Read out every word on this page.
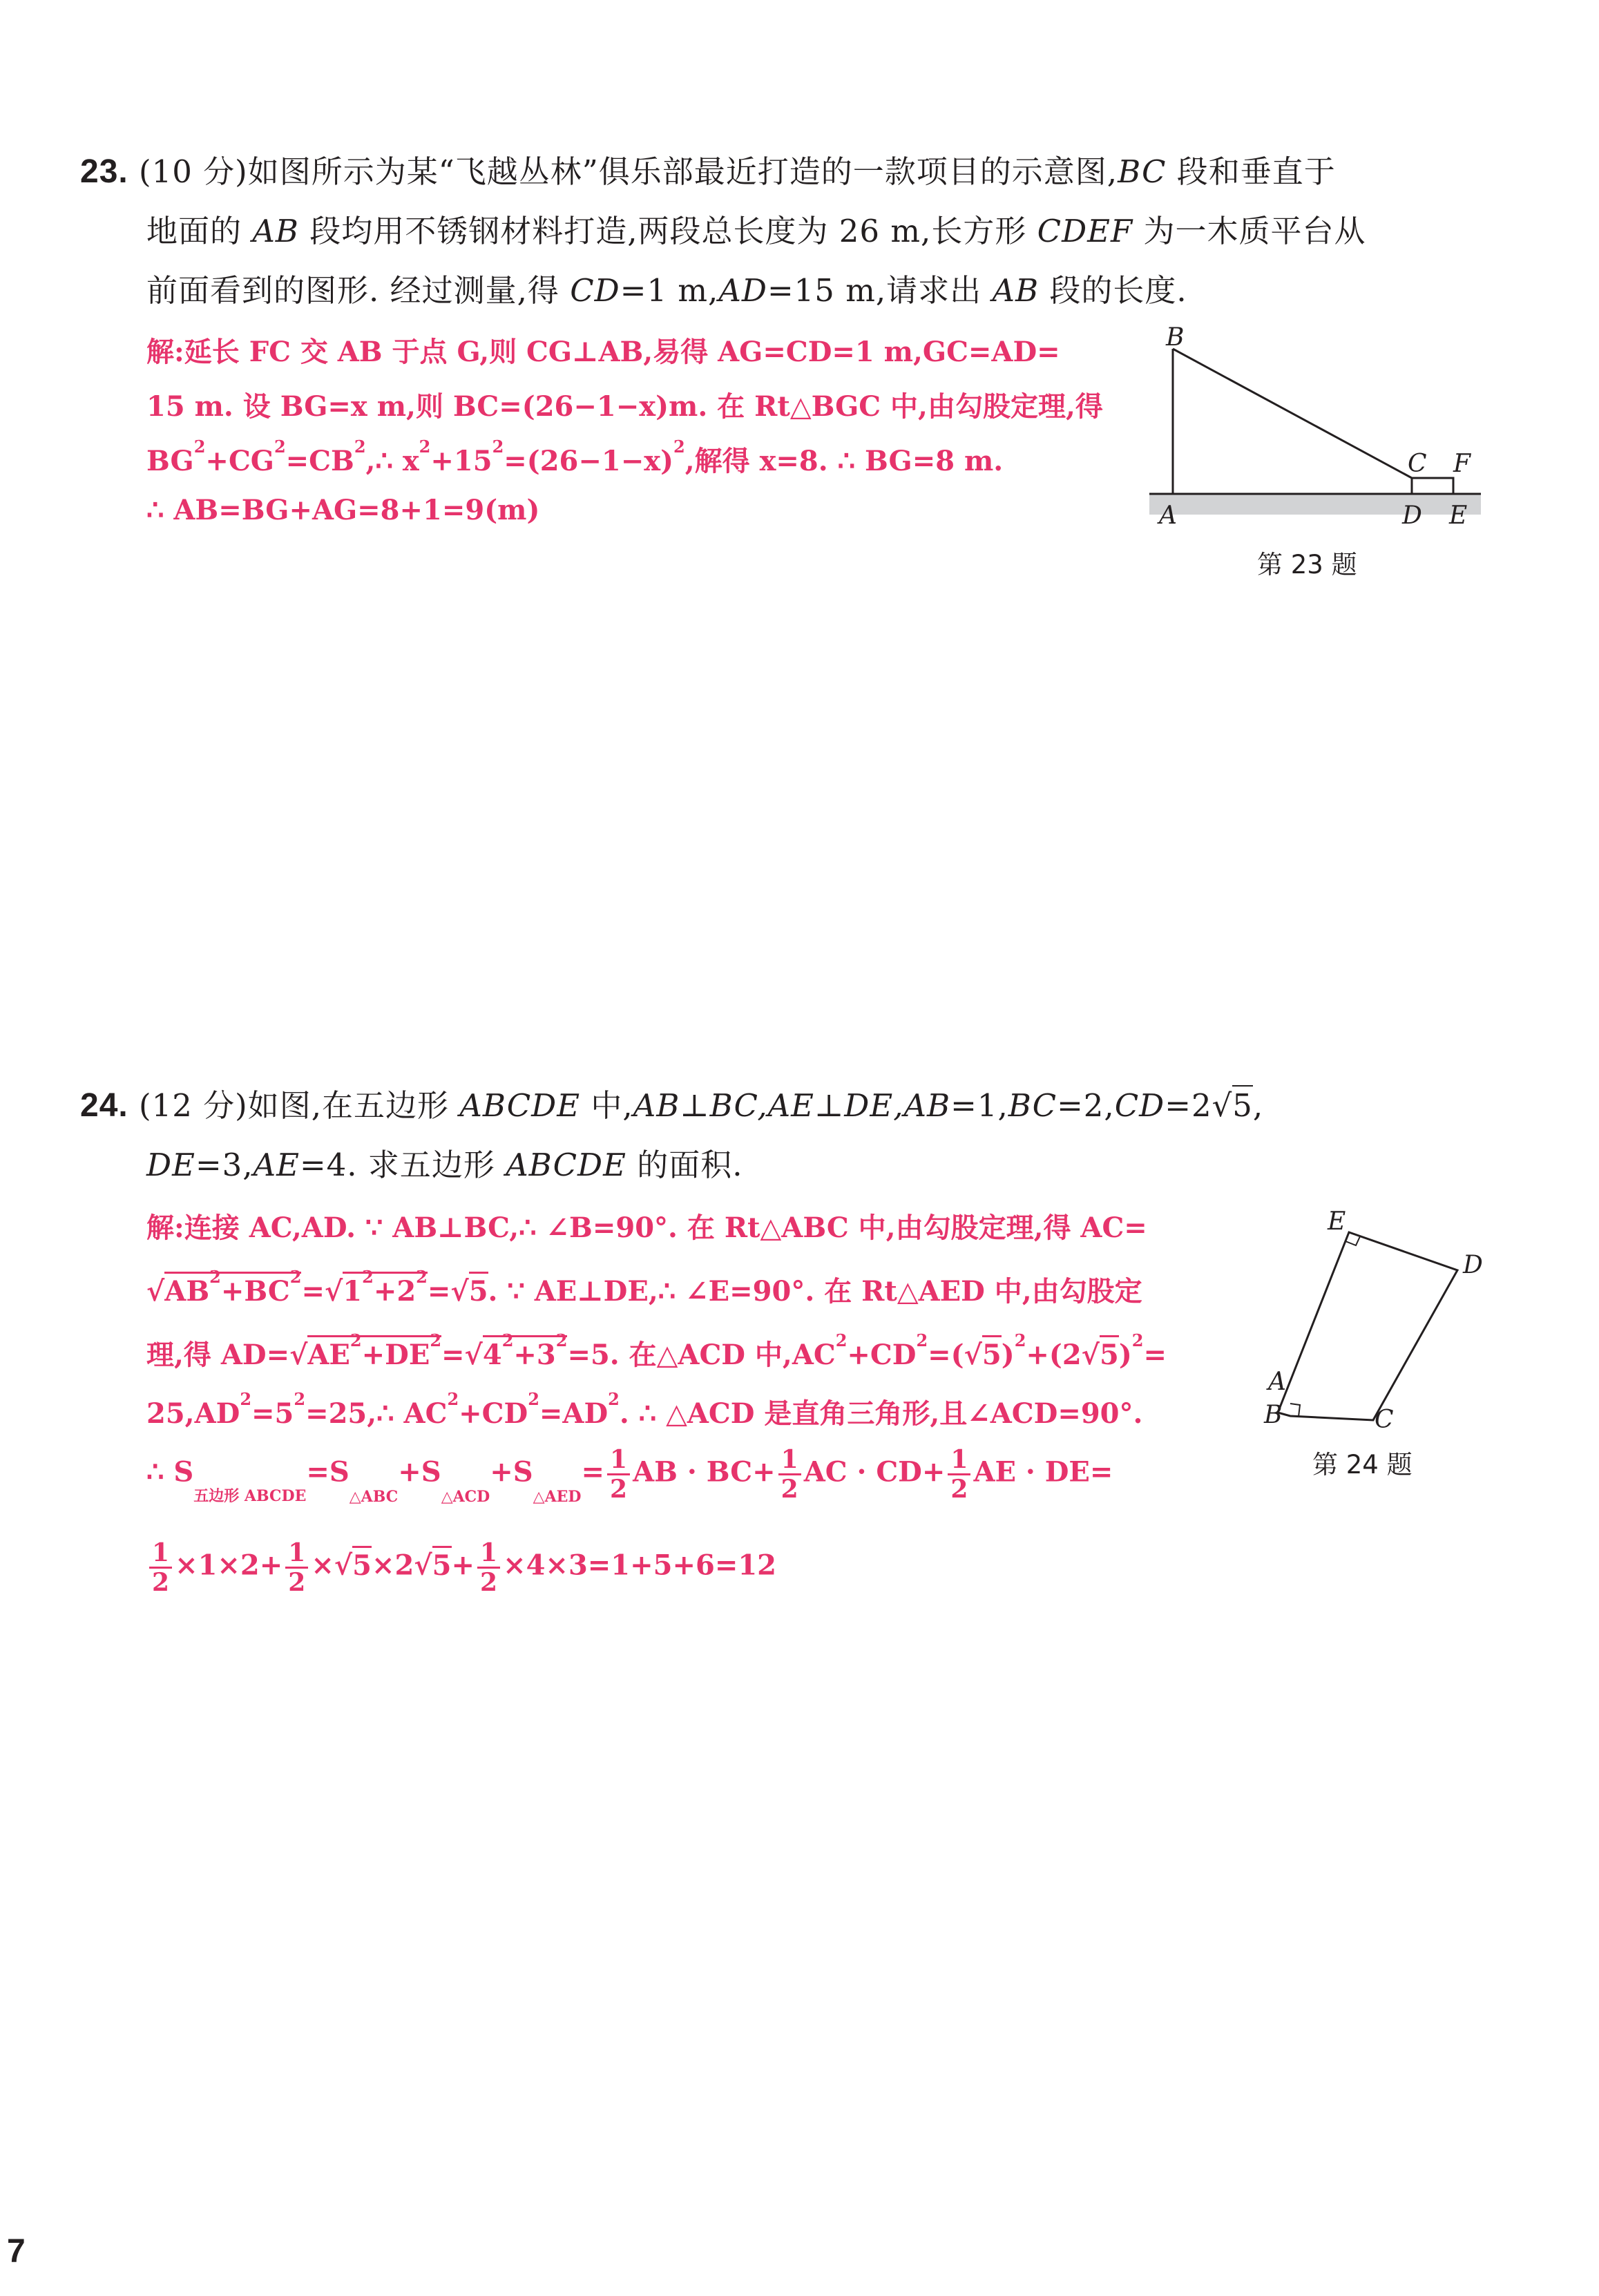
23. (10 分)如图所示为某“飞越丛林”俱乐部最近打造的一款项目的示意图,BC 段和垂直于
地面的 AB 段均用不锈钢材料打造,两段总长度为 26 m,长方形 CDEF 为一木质平台从
前面看到的图形. 经过测量,得 CD=1 m,AD=15 m,请求出 AB 段的长度.
解:延长 FC 交 AB 于点 G,则 CG⊥AB,易得 AG=CD=1 m,GC=AD=
15 m. 设 BG=x m,则 BC=(26−1−x)m. 在 Rt△BGC 中,由勾股定理,得
$BG^2+CG^2=CB^2,\therefore$ $x^2+15^2=(26-1-x)^2$,解得 x=8. ∴ BG=8 m.
∴ AB=BG+AG=8+1=9(m)
B
A
C F
D E
第 23 题
24. (12 分)如图,在五边形 ABCDE 中,AB⊥BC,AE⊥DE,AB=1,BC=2,CD=2√5,
DE=3,AE=4. 求五边形 ABCDE 的面积.
解:连接 AC,AD. ∵ AB⊥BC,∴ ∠B=90°. 在 Rt△ABC 中,由勾股定理,得 AC=
$√AB^2+BC^2=√1^2+2^2=√5$. ∵ AE⊥DE,∴ ∠E=90°. 在 Rt△AED 中,由勾股定
理,得 $AD=√AE^2+DE^2=√4^2+3^2=5$. 在△ACD 中$,AC^2+CD^2=(√5)^2+(2√5)^2=$
$25,AD^2=5^2=25,\therefore$ $AC^2+CD^2=AD^2$. ∴ △ACD 是直角三角形,且∠ACD=90°.
∴ S五边形 ABCDE=S△ABC+S△ACD+S△AED= $\frac{1}{2}$ AB · $BC+ \frac{1}{2}$ AC · $CD+ \frac{1}{2}$ AE · DE=
$\frac{1}{2} \times 1\times 2+ \frac{1}{2} \times√5\times 2√5+ \frac{1}{2} \times 4\times 3=1+5+6=12$
E
D
A
B	C
第 24 题
7
